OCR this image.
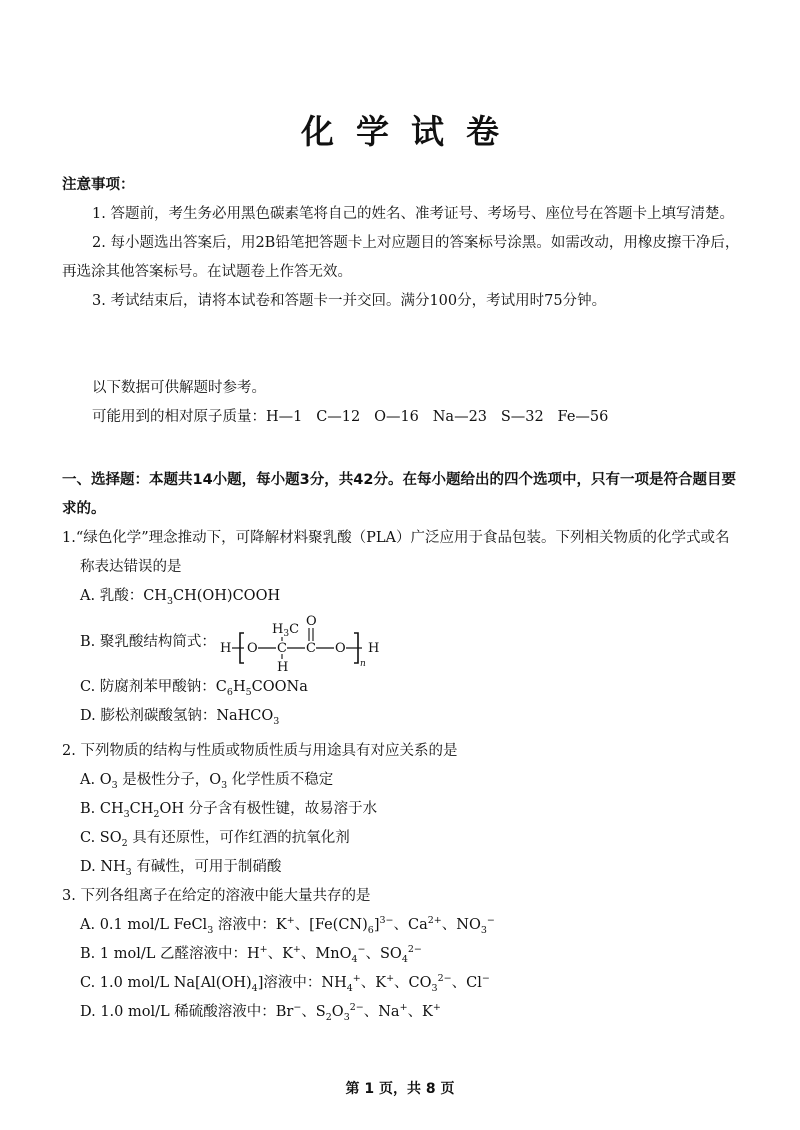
化学试卷
注意事项：
1. 答题前，考生务必用黑色碳素笔将自己的姓名、准考证号、考场号、座位号在答题卡上填写清楚。
2. 每小题选出答案后，用2B铅笔把答题卡上对应题目的答案标号涂黑。如需改动，用橡皮擦干净后，再选涂其他答案标号。在试题卷上作答无效。
3. 考试结束后，请将本试卷和答题卡一并交回。满分100分，考试用时75分钟。
以下数据可供解题时参考。
可能用到的相对原子质量：H—1   C—12   O—16   Na—23   S—32   Fe—56
一、选择题：本题共14小题，每小题3分，共42分。在每小题给出的四个选项中，只有一项是符合题目要求的。
1.“绿色化学”理念推动下，可降解材料聚乳酸（PLA）广泛应用于食品包装。下列相关物质的化学式或名称表达错误的是
A. 乳酸：$CH_3CH(OH)COOH$
B. 聚乳酸结构简式： H O C
$H_3C$
H
C
O
O
n
H
C. 防腐剂苯甲酸钠：$C_6H_5COONa$
D. 膨松剂碳酸氢钠：NaHCO$_3$
2. 下列物质的结构与性质或物质性质与用途具有对应关系的是
A. $O_3$ 是极性分子，$O_3$ 化学性质不稳定
B. $CH_3CH_2OH$ 分子含有极性键，故易溶于水
C. $SO_2$ 具有还原性，可作红酒的抗氧化剂
D. $NH_3$ 有碱性，可用于制硝酸
3. 下列各组离子在给定的溶液中能大量共存的是
A. 0.1 mol/L FeCl$_3$ 溶液中：K+、$[Fe(CN)_6]^{3-}$、$Ca^{2+}$、$NO_3^-$
B. 1 mol/L 乙醛溶液中：H+、K+、MnO$_4$−、$SO_4^{2-}$
C. 1.0 mol/L $Na[Al(OH)_4]$溶液中：$NH_4^+$、K+、$CO_3^{2-}$、Cl−
D. 1.0 mol/L 稀硫酸溶液中：Br−、$S_2O_3^{2-}$、Na+、K+
第 1 页，共 8 页
